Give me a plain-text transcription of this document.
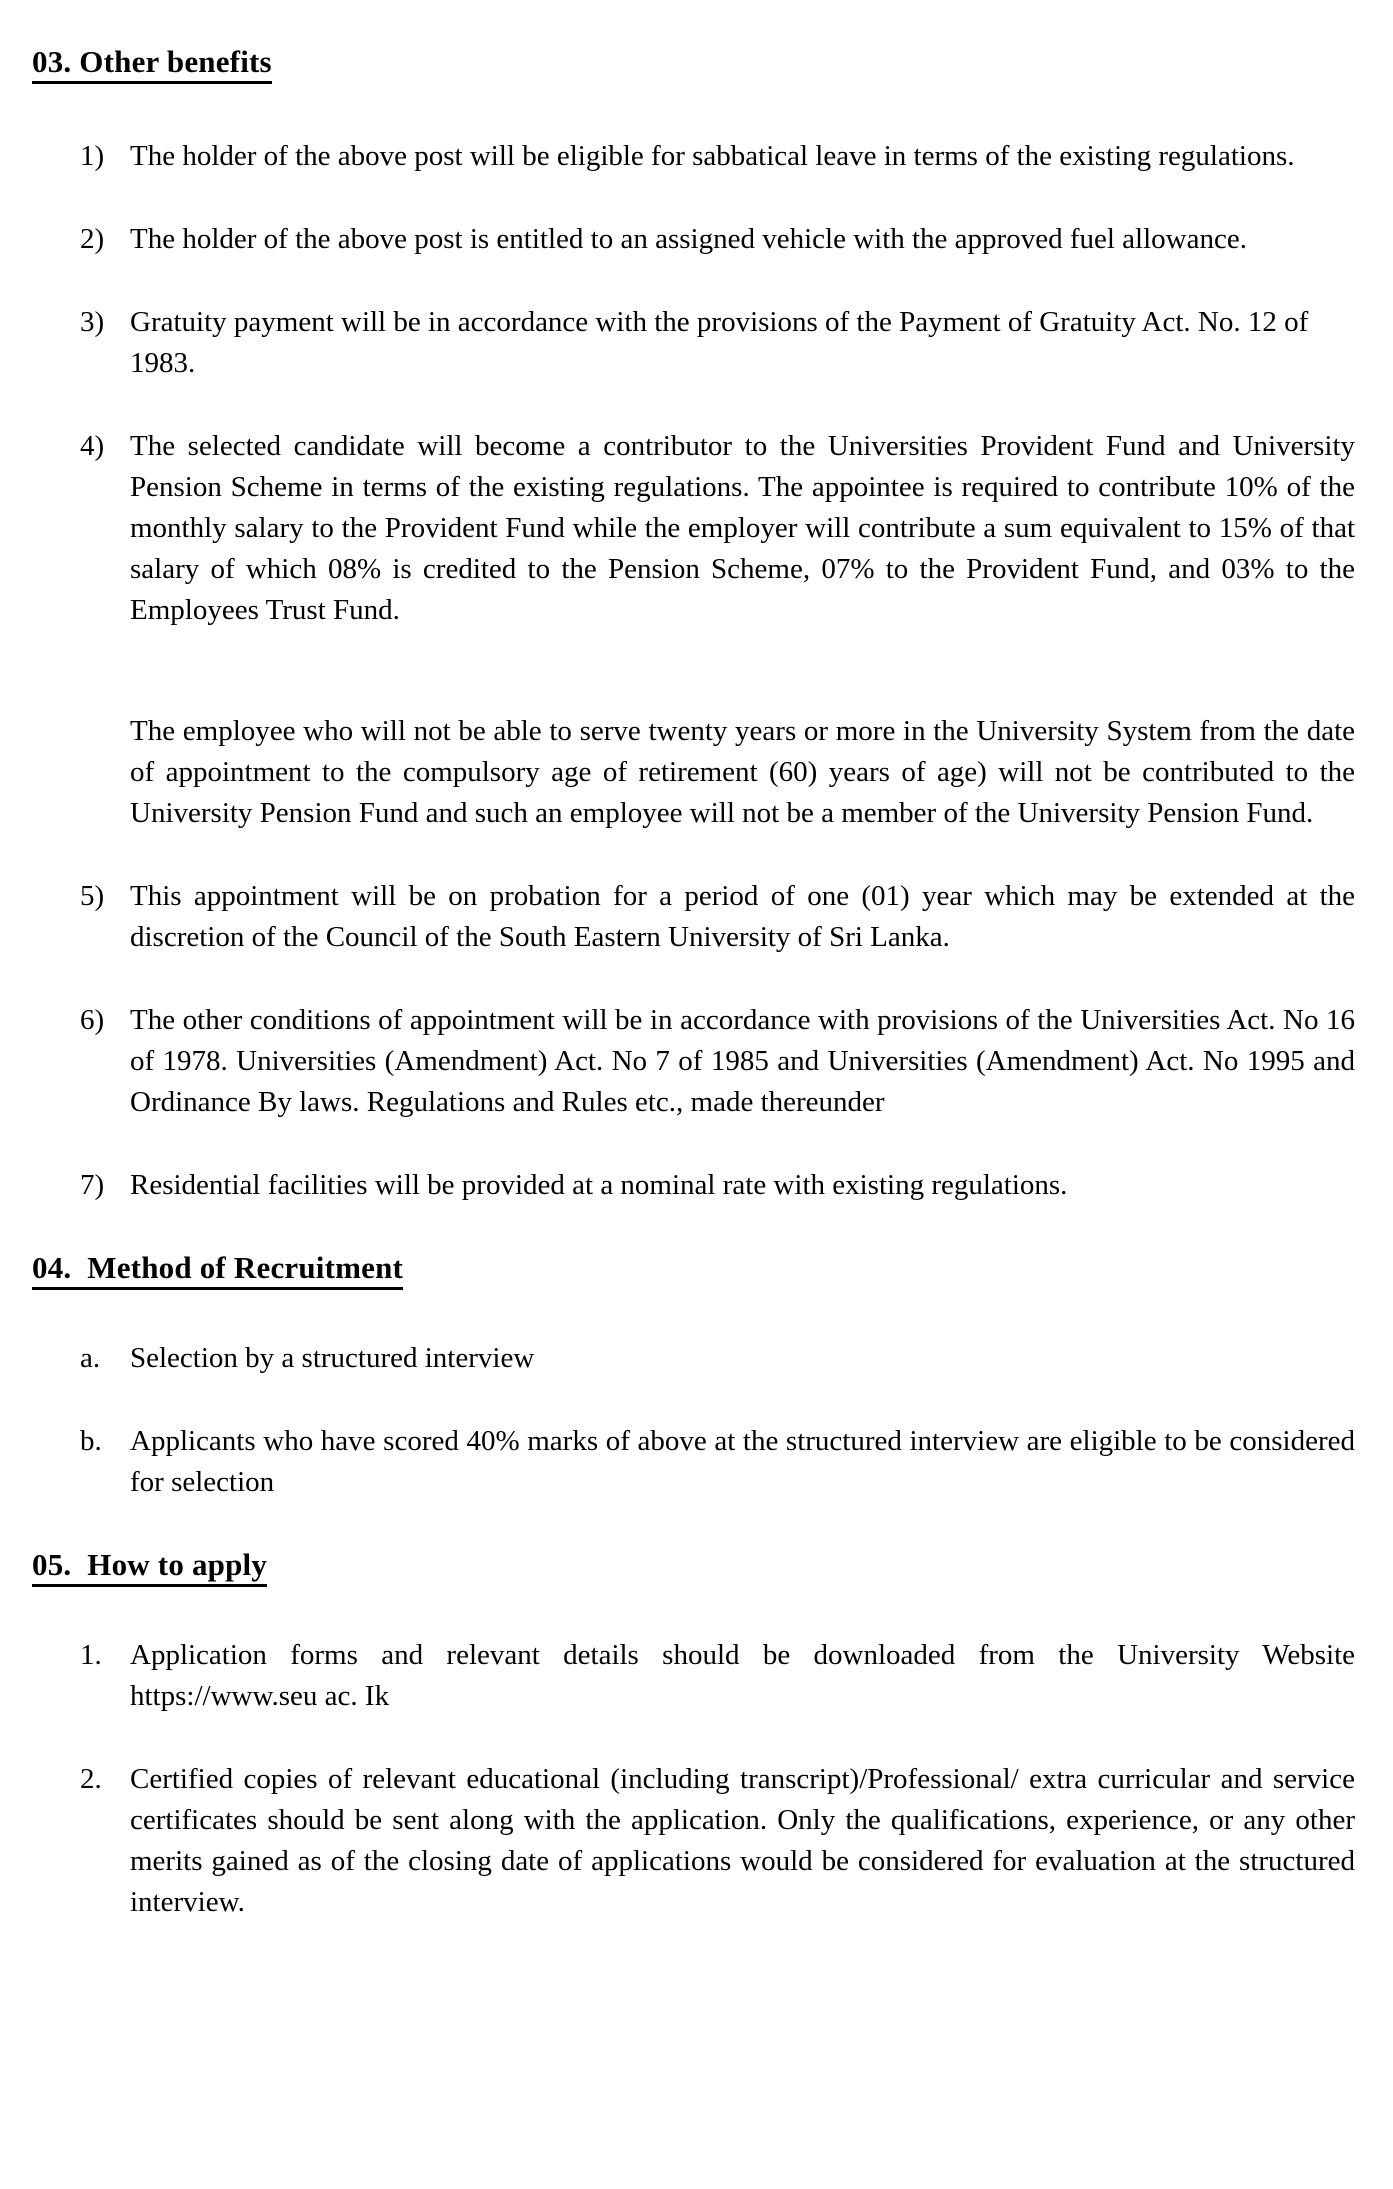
03. Other benefits
1) The holder of the above post will be eligible for sabbatical leave in terms of the existing regulations.
2) The holder of the above post is entitled to an assigned vehicle with the approved fuel allowance.
3) Gratuity payment will be in accordance with the provisions of the Payment of Gratuity Act. No. 12 of 1983.
4) The selected candidate will become a contributor to the Universities Provident Fund and University Pension Scheme in terms of the existing regulations. The appointee is required to contribute 10% of the monthly salary to the Provident Fund while the employer will contribute a sum equivalent to 15% of that salary of which 08% is credited to the Pension Scheme, 07% to the Provident Fund, and 03% to the Employees Trust Fund.
The employee who will not be able to serve twenty years or more in the University System from the date of appointment to the compulsory age of retirement (60) years of age) will not be contributed to the University Pension Fund and such an employee will not be a member of the University Pension Fund.
5) This appointment will be on probation for a period of one (01) year which may be extended at the discretion of the Council of the South Eastern University of Sri Lanka.
6) The other conditions of appointment will be in accordance with provisions of the Universities Act. No 16 of 1978. Universities (Amendment) Act. No 7 of 1985 and Universities (Amendment) Act. No 1995 and Ordinance By laws. Regulations and Rules etc., made thereunder
7) Residential facilities will be provided at a nominal rate with existing regulations.
04.  Method of Recruitment
a. Selection by a structured interview
b. Applicants who have scored 40% marks of above at the structured interview are eligible to be considered for selection
05.  How to apply
1. Application forms and relevant details should be downloaded from the University Website https://www.seu ac. Ik
2. Certified copies of relevant educational (including transcript)/Professional/ extra curricular and service certificates should be sent along with the application. Only the qualifications, experience, or any other merits gained as of the closing date of applications would be considered for evaluation at the structured interview.
